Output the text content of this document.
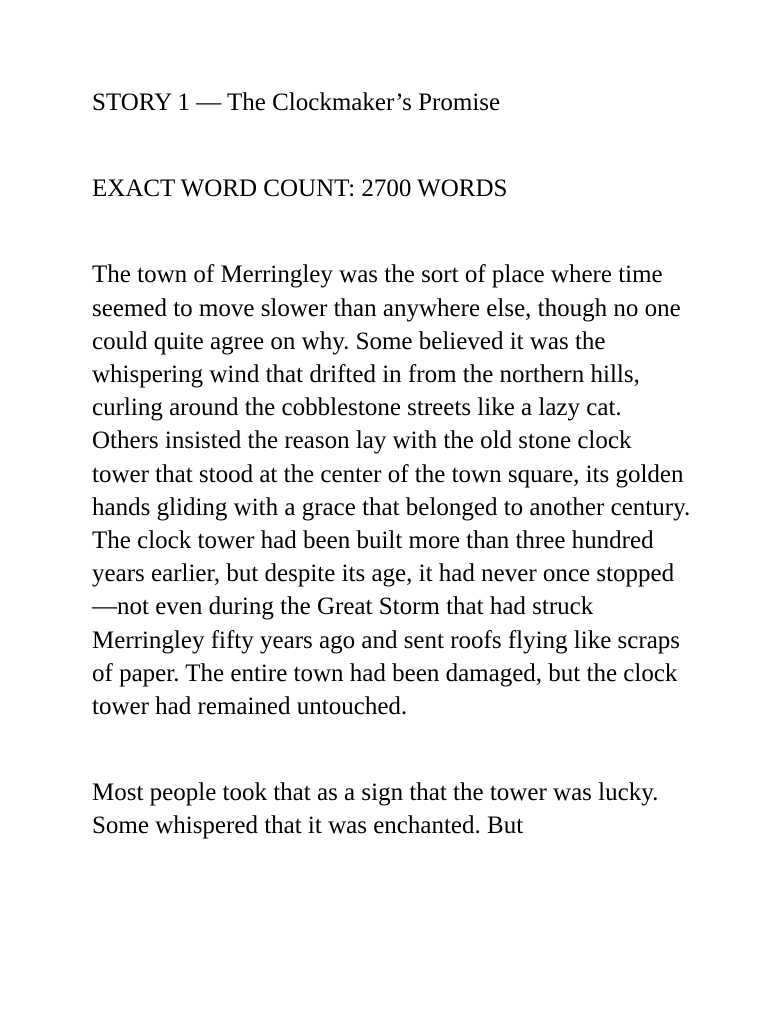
STORY 1 — The Clockmaker’s Promise

EXACT WORD COUNT: 2700 WORDS

The town of Merringley was the sort of place where time seemed to move slower than anywhere else, though no one could quite agree on why. Some believed it was the whispering wind that drifted in from the northern hills, curling around the cobblestone streets like a lazy cat. Others insisted the reason lay with the old stone clock tower that stood at the center of the town square, its golden hands gliding with a grace that belonged to another century. The clock tower had been built more than three hundred years earlier, but despite its age, it had never once stopped—not even during the Great Storm that had struck Merringley fifty years ago and sent roofs flying like scraps of paper. The entire town had been damaged, but the clock tower had remained untouched.

Most people took that as a sign that the tower was lucky. Some whispered that it was enchanted. But
